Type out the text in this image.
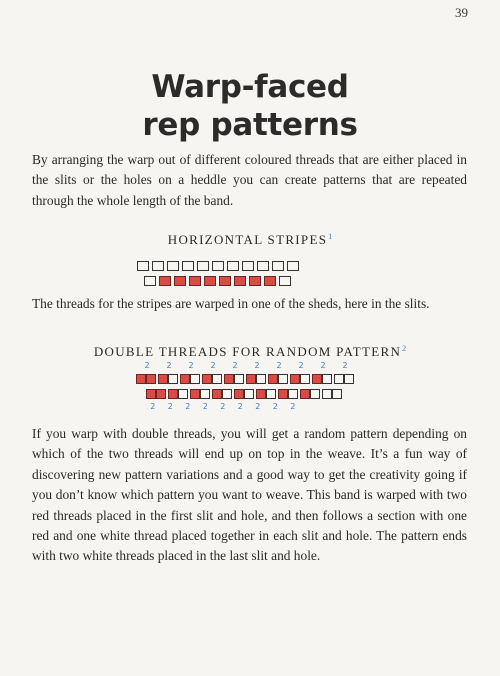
39
Warp-faced
rep patterns

By arranging the warp out of different coloured threads that are either placed in the slits or the holes on a heddle you can create patterns that are repeated through the whole length of the band.

HORIZONTAL STRIPES$^1$

The threads for the stripes are warped in one of the sheds, here in the slits.

DOUBLE THREADS FOR RANDOM PATTERN$^2$
2	2	2	2	2	2	2	2	2	2
2	2	2	2	2	2	2	2	2

If you warp with double threads, you will get a random pattern depending on which of the two threads will end up on top in the weave. It’s a fun way of discovering new pattern variations and a good way to get the creativity going if you don’t know which pattern you want to weave. This band is warped with two red threads placed in the first slit and hole, and then follows a section with one red and one white thread placed together in each slit and hole. The pattern ends with two white threads placed in the last slit and hole.
